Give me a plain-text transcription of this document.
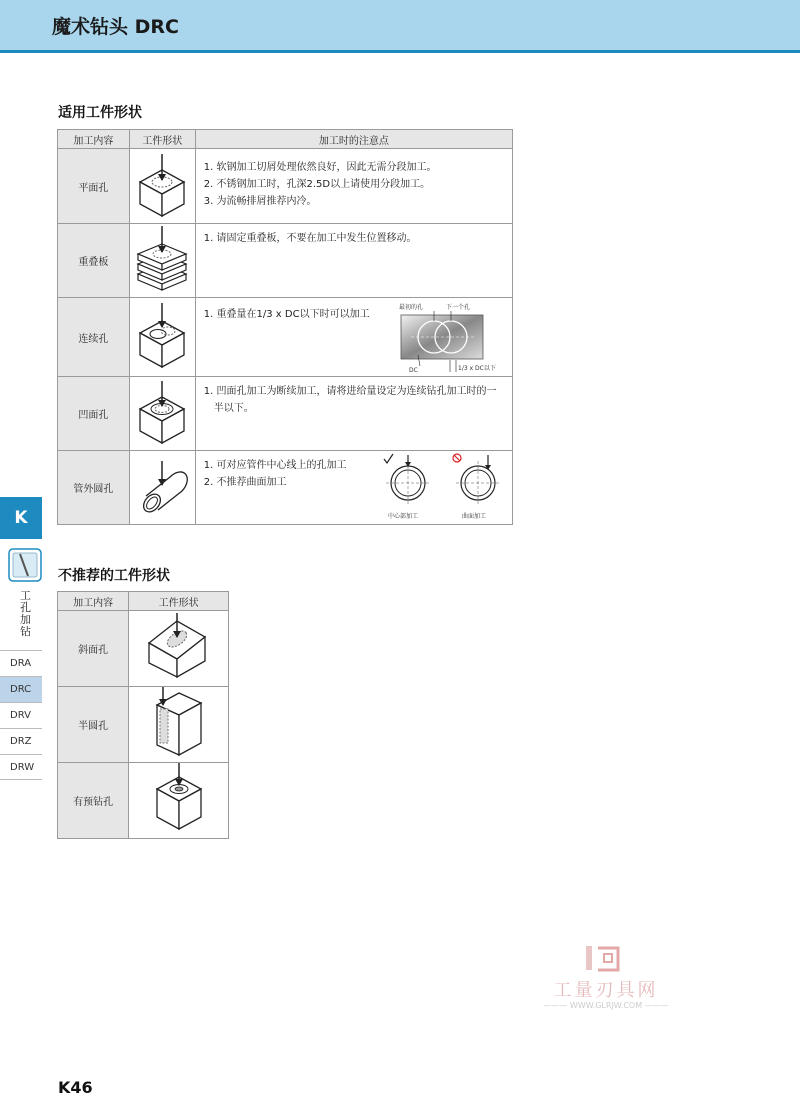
魔术钻头 DRC
适用工件形状
加工内容	工件形状	加工时的注意点
平面孔		1. 软钢加工切屑处理依然良好，因此无需分段加工。
2. 不锈钢加工时，孔深2.5D以上请使用分段加工。
3. 为流畅排屑推荐内冷。

重叠板		1. 请固定重叠板，不要在加工中发生位置移动。

连续孔		1. 重叠量在1/3 x DC以下时可以加工
最初的孔 下一个孔
DC 1/3 x DC以下

凹面孔		1. 凹面孔加工为断续加工，请将进给量设定为连续钻孔加工时的一
半以下。

管外圆孔		1. 可对应管件中心线上的孔加工
2. 不推荐曲面加工
中心部加工 曲面加工
不推荐的工件形状
加工内容	工件形状
斜面孔	
半圆孔	
有预钻孔	
K
工孔加钻
DRA
DRC
DRV
DRZ
DRW
工量刃具网
——— WWW.GLRJW.COM ———
K46
